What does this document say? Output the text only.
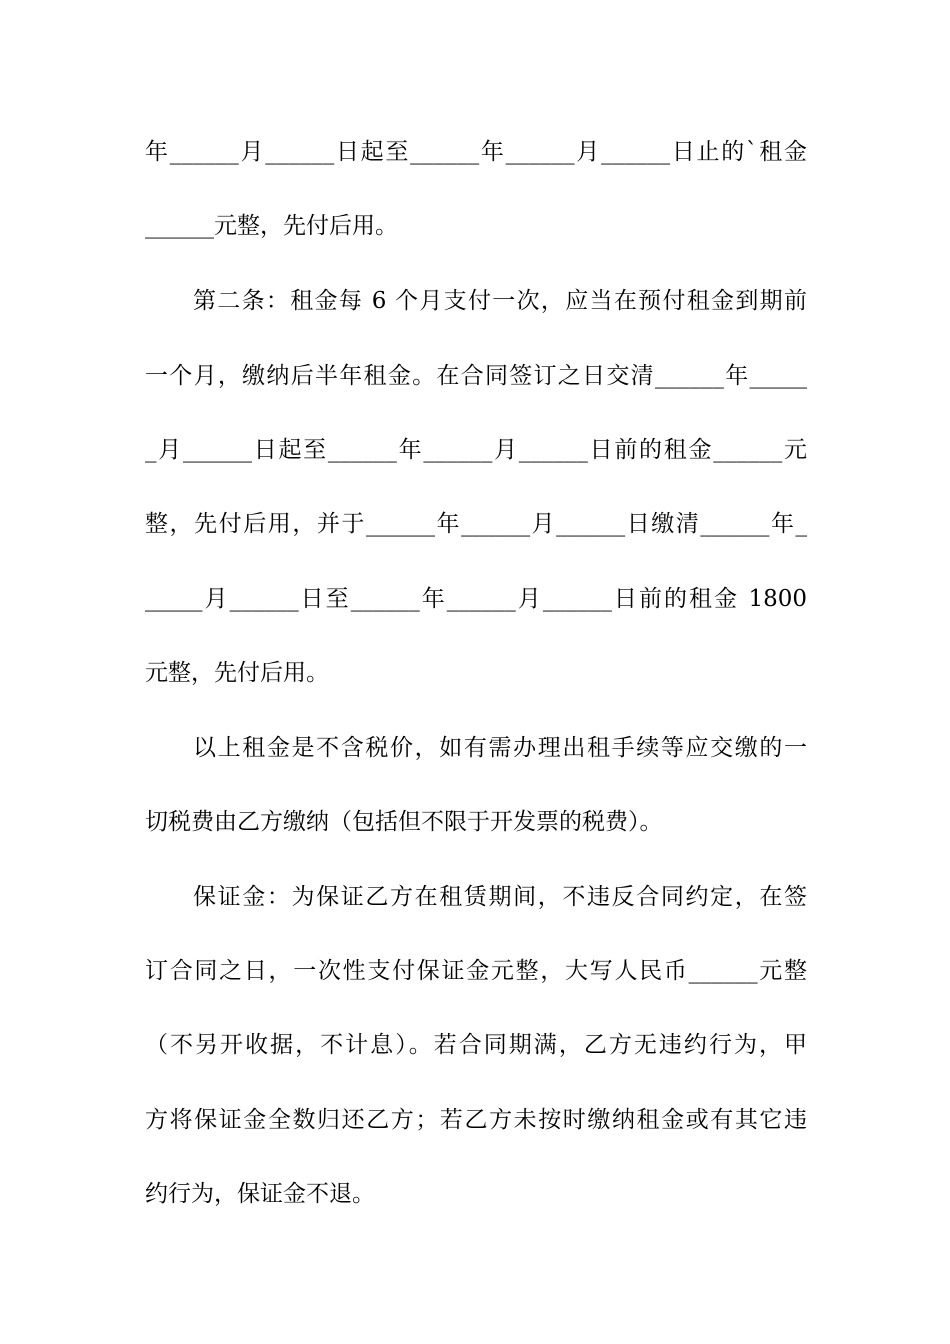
年______月______日起至______年______月______日止的`租金
______元整，先付后用。
第二条：租金每 6 个月支付一次，应当在预付租金到期前
一个月，缴纳后半年租金。在合同签订之日交清______年_____
_月______日起至______年______月______日前的租金______元
整，先付后用，并于______年______月______日缴清______年_
_____月______日至______年______月______日前的租金 1800
元整，先付后用。
以上租金是不含税价，如有需办理出租手续等应交缴的一
切税费由乙方缴纳（包括但不限于开发票的税费）。
保证金：为保证乙方在租赁期间，不违反合同约定，在签
订合同之日，一次性支付保证金元整，大写人民币______元整
（不另开收据，不计息）。若合同期满，乙方无违约行为，甲
方将保证金全数归还乙方；若乙方未按时缴纳租金或有其它违
约行为，保证金不退。
